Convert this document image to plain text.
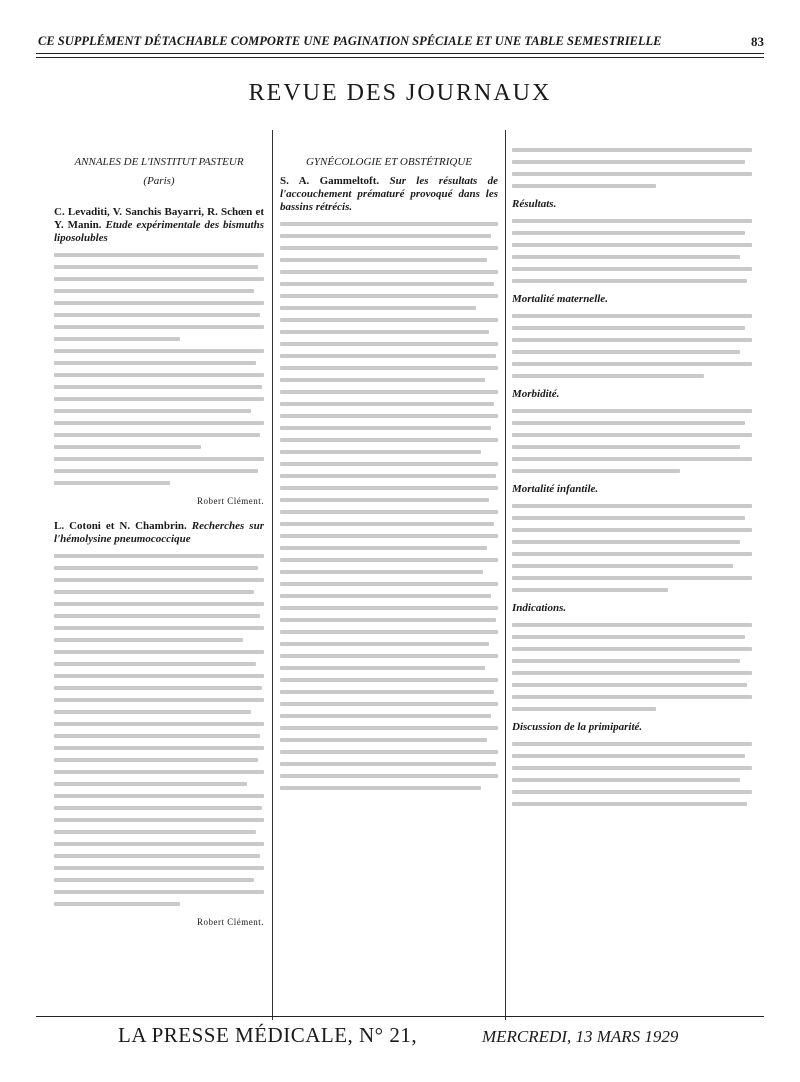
CE SUPPLÉMENT DÉTACHABLE COMPORTE UNE PAGINATION SPÉCIALE ET UNE TABLE SEMESTRIELLE	83
REVUE DES JOURNAUX
ANNALES DE L'INSTITUT PASTEUR
(Paris)
C. Levaditi, V. Sanchis Bayarri, R. Schœn et Y. Manin. Etude expérimentale des bismuths liposolubles
Robert Clément.
L. Cotoni et N. Chambrin. Recherches sur l'hémolysine pneumococcique
Robert Clément.
GYNÉCOLOGIE ET OBSTÉTRIQUE
S. A. Gammeltoft. Sur les résultats de l'accouchement prématuré provoqué dans les bassins rétrécis.	Résultats.
Mortalité maternelle.
Morbidité.
Mortalité infantile.
Indications.
Discussion de la primiparité.
LA PRESSE MÉDICALE, N° 21,	MERCREDI, 13 MARS 1929
